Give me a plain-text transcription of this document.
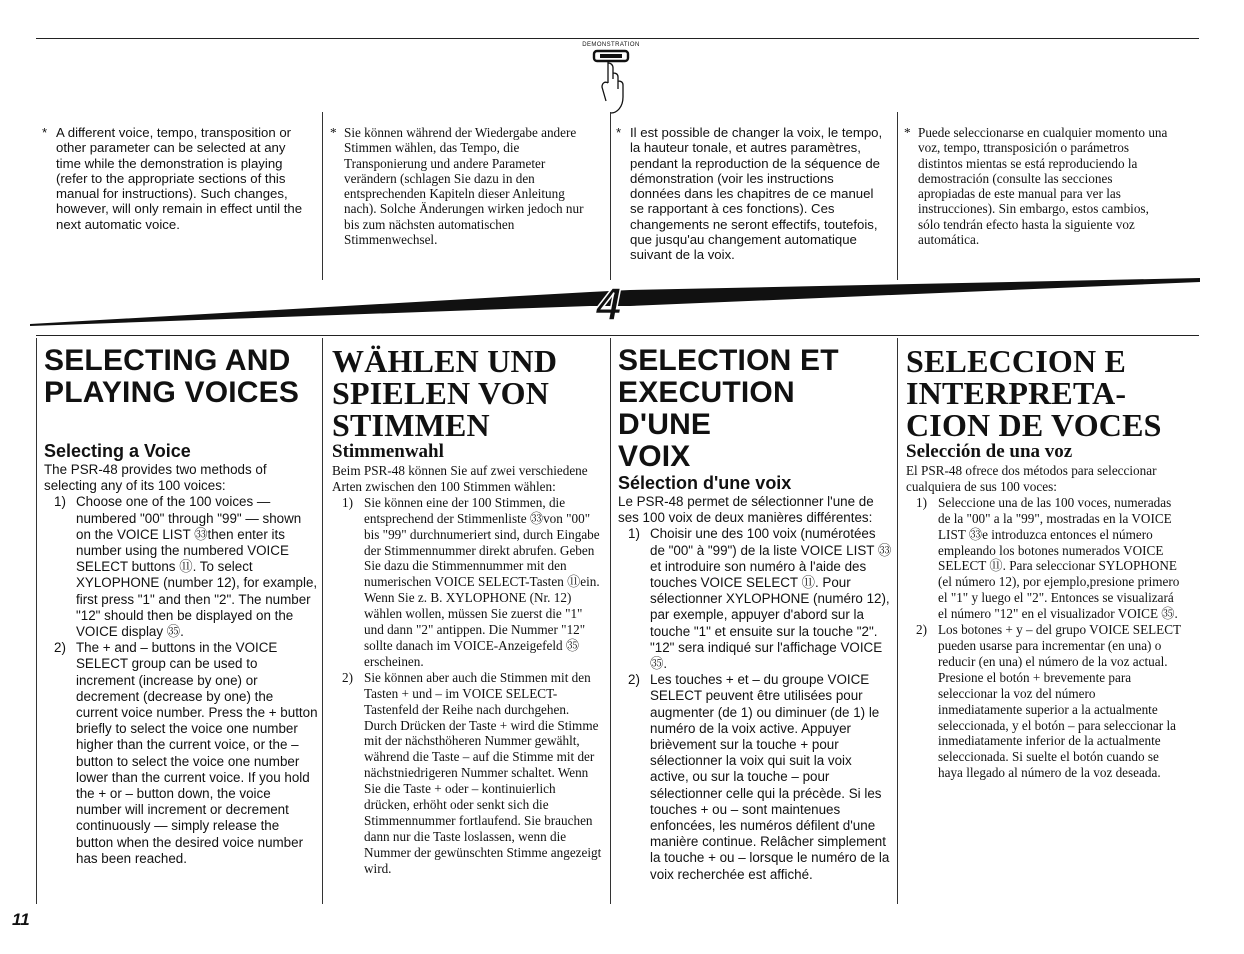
DEMONSTRATION
* A different voice, tempo, transposition or other parameter can be selected at any time while the demonstration is playing (refer to the appropriate sections of this manual for instructions). Such changes, however, will only remain in effect until the next automatic voice.
* Sie können während der Wiedergabe andere Stimmen wählen, das Tempo, die Transponierung und andere Parameter verändern (schlagen Sie dazu in den entsprechenden Kapiteln dieser Anleitung nach). Solche Änderungen wirken jedoch nur bis zum nächsten automatischen Stimmenwechsel.
* Il est possible de changer la voix, le tempo, la hauteur tonale, et autres paramètres, pendant la reproduction de la séquence de démonstration (voir les instructions données dans les chapitres de ce manuel se rapportant à ces fonctions). Ces changements ne seront effectifs, toutefois, que jusqu'au changement automatique suivant de la voix.
* Puede seleccionarse en cualquier momento una voz, tempo, ttransposición o parámetros distintos mientas se está reproduciendo la demostración (consulte las secciones apropiadas de este manual para ver las instrucciones). Sin embargo, estos cambios, sólo tendrán efecto hasta la siguiente voz automática.
4
SELECTING AND
PLAYING VOICES
Selecting a Voice

The PSR-48 provides two methods of selecting any of its 100 voices:

1) Choose one of the 100 voices — numbered "00" through "99" — shown on the VOICE LIST ㉝then enter its number using the numbered VOICE SELECT buttons ⑪. To select XYLOPHONE (number 12), for example, first press "1" and then "2". The number "12" should then be displayed on the VOICE display ㉟.
2) The + and – buttons in the VOICE SELECT group can be used to increment (increase by one) or decrement (decrease by one) the current voice number. Press the + button briefly to select the voice one number higher than the current voice, or the – button to select the voice one number lower than the current voice. If you hold the + or – button down, the voice number will increment or decrement continuously — simply release the button when the desired voice number has been reached.
WÄHLEN UND
SPIELEN VON
STIMMEN
Stimmenwahl

Beim PSR-48 können Sie auf zwei verschiedene Arten zwischen den 100 Stimmen wählen:

1) Sie können eine der 100 Stimmen, die entsprechend der Stimmenliste ㉝von "00" bis "99" durchnumeriert sind, durch Eingabe der Stimmennummer direkt abrufen. Geben Sie dazu die Stimmennummer mit den numerischen VOICE SELECT-Tasten ⑪ein. Wenn Sie z. B. XYLOPHONE (Nr. 12) wählen wollen, müssen Sie zuerst die "1" und dann "2" antippen. Die Nummer "12" sollte danach im VOICE-Anzeigefeld ㉟erscheinen.
2) Sie können aber auch die Stimmen mit den Tasten + und – im VOICE SELECT-Tastenfeld der Reihe nach durchgehen. Durch Drücken der Taste + wird die Stimme mit der nächsthöheren Nummer gewählt, während die Taste – auf die Stimme mit der nächstniedrigeren Nummer schaltet. Wenn Sie die Taste + oder – kontinuierlich drücken, erhöht oder senkt sich die Stimmennummer fortlaufend. Sie brauchen dann nur die Taste loslassen, wenn die Nummer der gewünschten Stimme angezeigt wird.
SELECTION ET
EXECUTION D'UNE
VOIX
Sélection d'une voix

Le PSR-48 permet de sélectionner l'une de ses 100 voix de deux manières différentes:

1) Choisir une des 100 voix (numérotées de "00" à "99") de la liste VOICE LIST ㉝et introduire son numéro à l'aide des touches VOICE SELECT ⑪. Pour sélectionner XYLOPHONE (numéro 12), par exemple, appuyer d'abord sur la touche "1" et ensuite sur la touche "2". "12" sera indiqué sur l'affichage VOICE ㉟.
2) Les touches + et – du groupe VOICE SELECT peuvent être utilisées pour augmenter (de 1) ou diminuer (de 1) le numéro de la voix active. Appuyer brièvement sur la touche + pour sélectionner la voix qui suit la voix active, ou sur la touche – pour sélectionner celle qui la précède. Si les touches + ou – sont maintenues enfoncées, les numéros défilent d'une manière continue. Relâcher simplement la touche + ou – lorsque le numéro de la voix recherchée est affiché.
SELECCION E
INTERPRETA-
CION DE VOCES
Selección de una voz

El PSR-48 ofrece dos métodos para seleccionar cualquiera de sus 100 voces:

1) Seleccione una de las 100 voces, numeradas de la "00" a la "99", mostradas en la VOICE LIST ㉝e introduzca entonces el número empleando los botones numerados VOICE SELECT ⑪. Para seleccionar SYLOPHONE (el número 12), por ejemplo,presione primero el "1" y luego el "2". Entonces se visualizará el número "12" en el visualizador VOICE ㉟.
2) Los botones + y – del grupo VOICE SELECT pueden usarse para incrementar (en una) o reducir (en una) el número de la voz actual. Presione el botón + brevemente para seleccionar la voz del número inmediatamente superior a la actualmente seleccionada, y el botón – para seleccionar la inmediatamente inferior de la actualmente seleccionada. Si suelte el botón cuando se haya llegado al número de la voz deseada.
11
